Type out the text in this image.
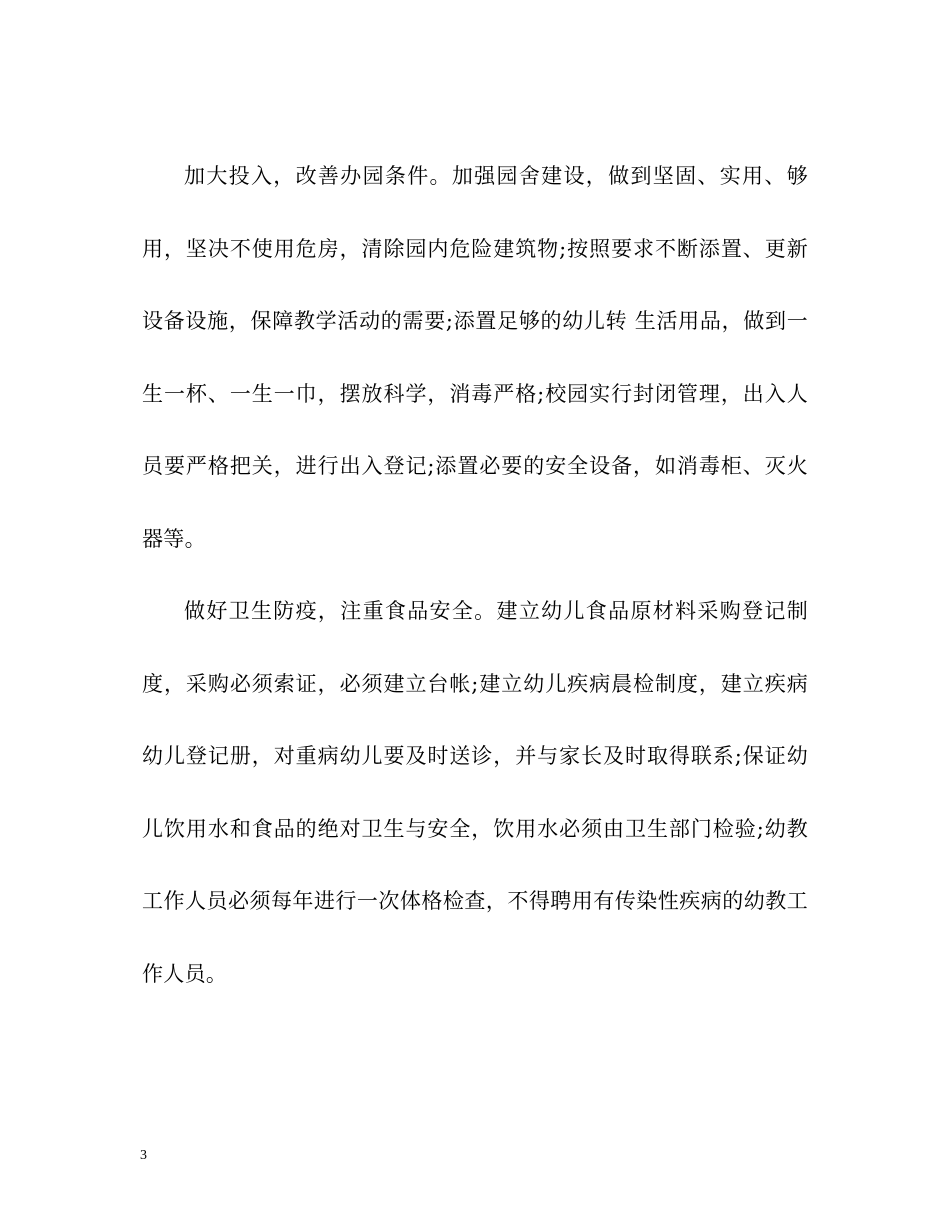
加大投入，改善办园条件。加强园舍建设，做到坚固、实用、够用，坚决不使用危房，清除园内危险建筑物;按照要求不断添置、更新设备设施，保障教学活动的需要;添置足够的幼儿转 生活用品，做到一生一杯、一生一巾，摆放科学，消毒严格;校园实行封闭管理，出入人员要严格把关，进行出入登记;添置必要的安全设备，如消毒柜、灭火器等。

做好卫生防疫，注重食品安全。建立幼儿食品原材料采购登记制度，采购必须索证，必须建立台帐;建立幼儿疾病晨检制度，建立疾病幼儿登记册，对重病幼儿要及时送诊，并与家长及时取得联系;保证幼儿饮用水和食品的绝对卫生与安全，饮用水必须由卫生部门检验;幼教工作人员必须每年进行一次体格检查，不得聘用有传染性疾病的幼教工作人员。

3
